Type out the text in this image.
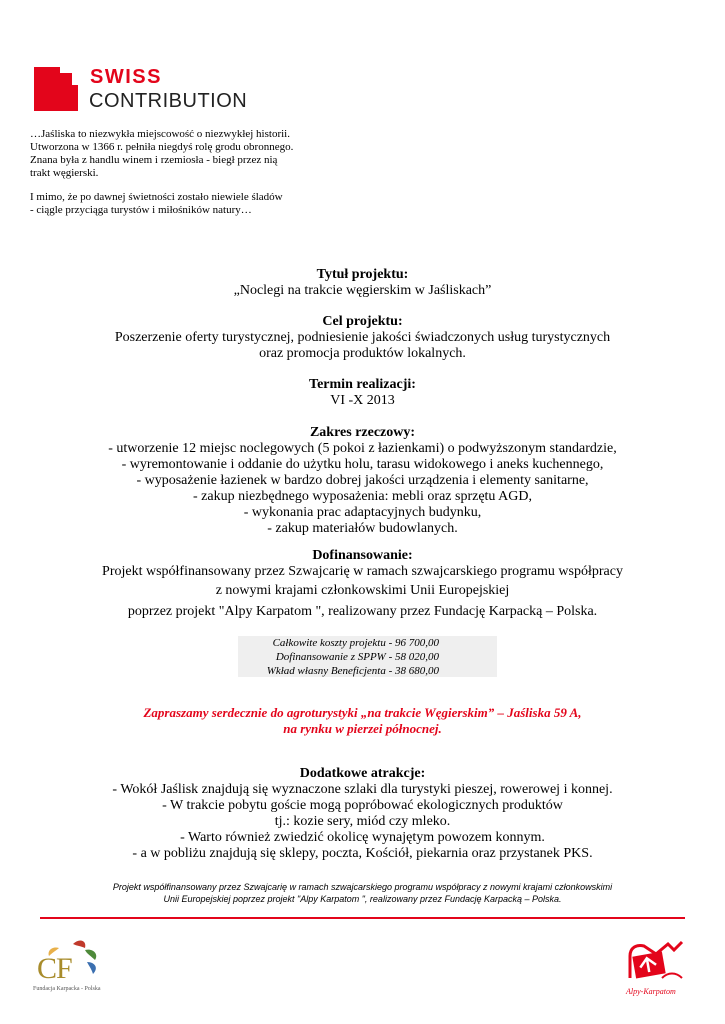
SWISS
CONTRIBUTION

…Jaśliska to niezwykła miejscowość o niezwykłej historii.
Utworzona w 1366 r. pełniła niegdyś rolę grodu obronnego.
Znana była z handlu winem i rzemiosła - biegł przez nią
trakt węgierski.

I mimo, że po dawnej świetności zostało niewiele śladów
- ciągle przyciąga turystów i miłośników natury…

Tytuł projektu:
„Noclegi na trakcie węgierskim w Jaśliskach”
Cel projektu:
Poszerzenie oferty turystycznej, podniesienie jakości świadczonych usług turystycznych
oraz promocja produktów lokalnych.
Termin realizacji:
VI -X 2013
Zakres rzeczowy:
- utworzenie 12 miejsc noclegowych (5 pokoi z łazienkami) o podwyższonym standardzie,
- wyremontowanie i oddanie do użytku holu, tarasu widokowego i aneks kuchennego,
- wyposażenie łazienek w bardzo dobrej jakości urządzenia i elementy sanitarne,
- zakup niezbędnego wyposażenia: mebli oraz sprzętu AGD,
- wykonania prac adaptacyjnych budynku,
- zakup materiałów budowlanych.
Dofinansowanie:
Projekt współfinansowany przez Szwajcarię w ramach szwajcarskiego programu współpracy
z nowymi krajami członkowskimi Unii Europejskiej
poprzez projekt "Alpy Karpatom ", realizowany przez Fundację Karpacką – Polska.
Całkowite koszty projektu - 96 700,00
Dofinansowanie z SPPW - 58 020,00
Wkład własny Beneficjenta - 38 680,00
Zapraszamy serdecznie do agroturystyki „na trakcie Węgierskim” – Jaśliska 59 A,
na rynku w pierzei północnej.
Dodatkowe atrakcje:
- Wokół Jaślisk znajdują się wyznaczone szlaki dla turystyki pieszej, rowerowej i konnej.
- W trakcie pobytu goście mogą popróbować ekologicznych produktów
tj.: kozie sery, miód czy mleko.
- Warto również zwiedzić okolicę wynajętym powozem konnym.
- a w pobliżu znajdują się sklepy, poczta, Kościół, piekarnia oraz przystanek PKS.
Projekt współfinansowany przez Szwajcarię w ramach szwajcarskiego programu współpracy z nowymi krajami członkowskimi
Unii Europejskiej poprzez projekt "Alpy Karpatom ", realizowany przez Fundację Karpacką – Polska.
CF
Fundacja Karpacka - Polska	Alpy-Karpatom
